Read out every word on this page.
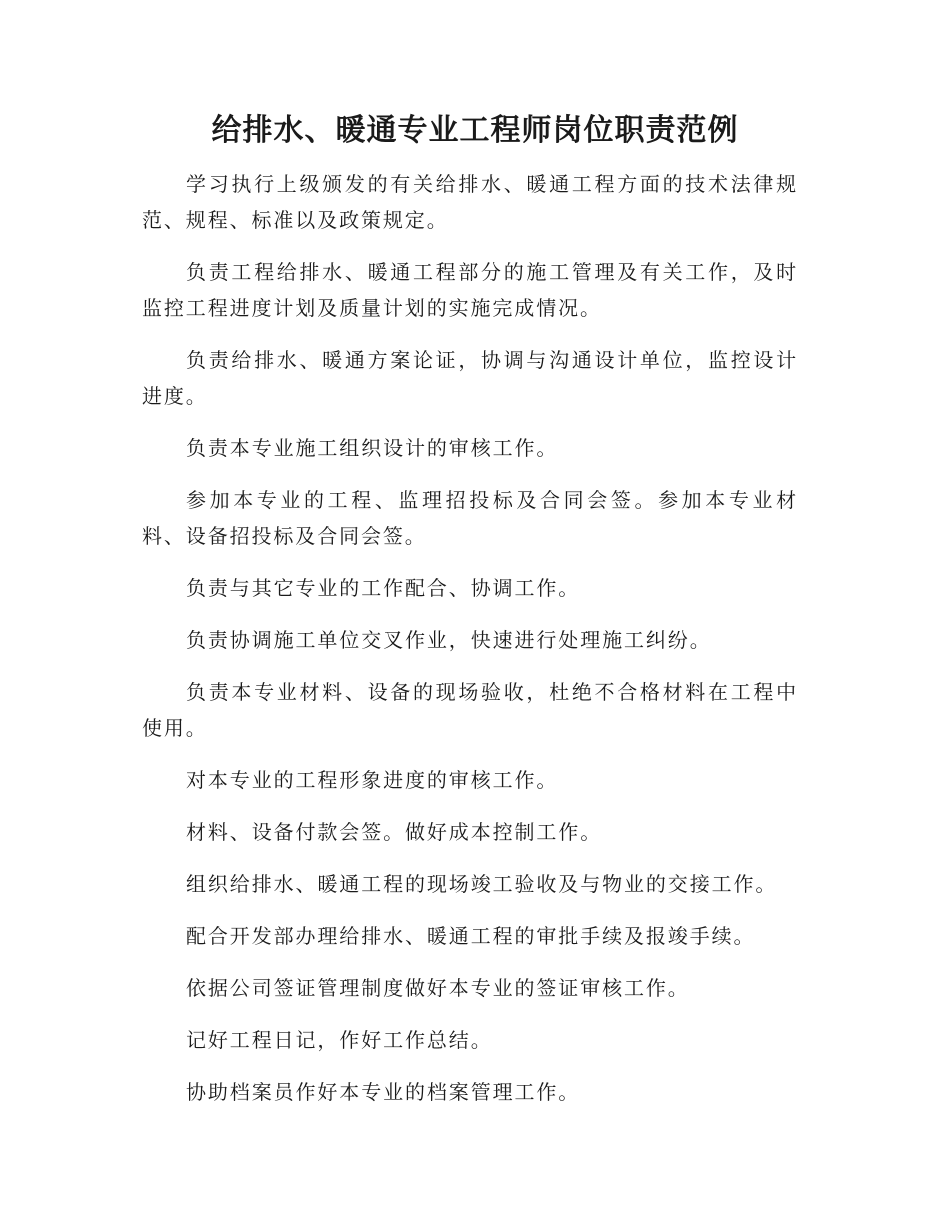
给排水、暖通专业工程师岗位职责范例

学习执行上级颁发的有关给排水、暖通工程方面的技术法律规范、规程、标准以及政策规定。

负责工程给排水、暖通工程部分的施工管理及有关工作，及时监控工程进度计划及质量计划的实施完成情况。

负责给排水、暖通方案论证，协调与沟通设计单位，监控设计进度。

负责本专业施工组织设计的审核工作。

参加本专业的工程、监理招投标及合同会签。参加本专业材料、设备招投标及合同会签。

负责与其它专业的工作配合、协调工作。

负责协调施工单位交叉作业，快速进行处理施工纠纷。

负责本专业材料、设备的现场验收，杜绝不合格材料在工程中使用。

对本专业的工程形象进度的审核工作。

材料、设备付款会签。做好成本控制工作。

组织给排水、暖通工程的现场竣工验收及与物业的交接工作。

配合开发部办理给排水、暖通工程的审批手续及报竣手续。

依据公司签证管理制度做好本专业的签证审核工作。

记好工程日记，作好工作总结。

协助档案员作好本专业的档案管理工作。
